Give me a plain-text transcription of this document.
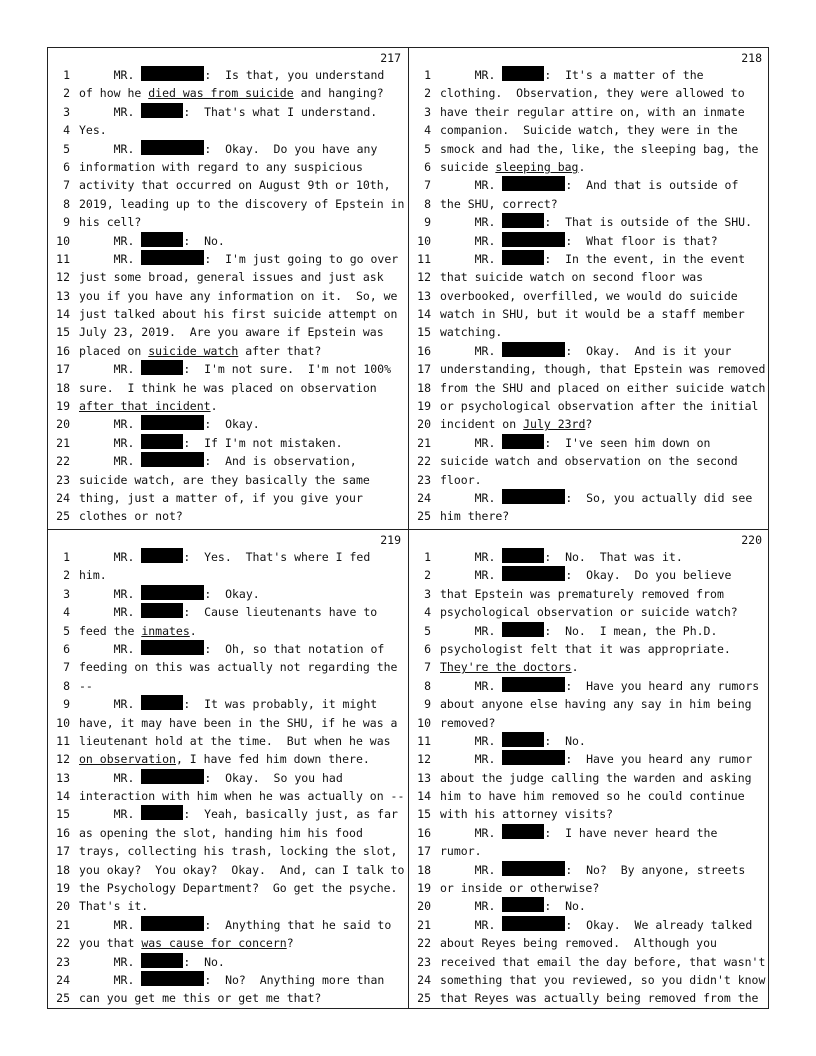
217
1 MR.	:  Is that, you understand
2 of how he died was from suicide and hanging?
3 MR.	:  That's what I understand.
4 Yes.
5 MR.	:  Okay.  Do you have any
6 information with regard to any suspicious
7 activity that occurred on August 9th or 10th,
8 2019, leading up to the discovery of Epstein in
9 his cell?
10 MR.	:  No.
11 MR.	:  I'm just going to go over
12 just some broad, general issues and just ask
13 you if you have any information on it.  So, we
14 just talked about his first suicide attempt on
15 July 23, 2019.  Are you aware if Epstein was
16 placed on suicide watch after that?
17 MR.	:  I'm not sure.  I'm not 100%
18 sure.  I think he was placed on observation
19 after that incident.
20 MR.	:  Okay.
21 MR.	:  If I'm not mistaken.
22 MR.	:  And is observation,
23 suicide watch, are they basically the same
24 thing, just a matter of, if you give your
25 clothes or not?
218
1 MR.	:  It's a matter of the
2 clothing.  Observation, they were allowed to
3 have their regular attire on, with an inmate
4 companion.  Suicide watch, they were in the
5 smock and had the, like, the sleeping bag, the
6 suicide sleeping bag.
7 MR.	:  And that is outside of
8 the SHU, correct?
9 MR.	:  That is outside of the SHU.
10 MR.	:  What floor is that?
11 MR.	:  In the event, in the event
12 that suicide watch on second floor was
13 overbooked, overfilled, we would do suicide
14 watch in SHU, but it would be a staff member
15 watching.
16 MR.	:  Okay.  And is it your
17 understanding, though, that Epstein was removed
18 from the SHU and placed on either suicide watch
19 or psychological observation after the initial
20 incident on July 23rd?
21 MR.	:  I've seen him down on
22 suicide watch and observation on the second
23 floor.
24 MR.	:  So, you actually did see
25 him there?
219
1 MR.	:  Yes.  That's where I fed
2 him.
3 MR.	:  Okay.
4 MR.	:  Cause lieutenants have to
5 feed the inmates.
6 MR.	:  Oh, so that notation of
7 feeding on this was actually not regarding the
8 --
9 MR.	:  It was probably, it might
10 have, it may have been in the SHU, if he was a
11 lieutenant hold at the time.  But when he was
12 on observation, I have fed him down there.
13 MR.	:  Okay.  So you had
14 interaction with him when he was actually on --
15 MR.	:  Yeah, basically just, as far
16 as opening the slot, handing him his food
17 trays, collecting his trash, locking the slot,
18 you okay?  You okay?  Okay.  And, can I talk to
19 the Psychology Department?  Go get the psyche.
20 That's it.
21 MR.	:  Anything that he said to
22 you that was cause for concern?
23 MR.	:  No.
24 MR.	:  No?  Anything more than
25 can you get me this or get me that?
220
1 MR.	:  No.  That was it.
2 MR.	:  Okay.  Do you believe
3 that Epstein was prematurely removed from
4 psychological observation or suicide watch?
5 MR.	:  No.  I mean, the Ph.D.
6 psychologist felt that it was appropriate.
7 They're the doctors.
8 MR.	:  Have you heard any rumors
9 about anyone else having any say in him being
10 removed?
11 MR.	:  No.
12 MR.	:  Have you heard any rumor
13 about the judge calling the warden and asking
14 him to have him removed so he could continue
15 with his attorney visits?
16 MR.	:  I have never heard the
17 rumor.
18 MR.	:  No?  By anyone, streets
19 or inside or otherwise?
20 MR.	:  No.
21 MR.	:  Okay.  We already talked
22 about Reyes being removed.  Although you
23 received that email the day before, that wasn't
24 something that you reviewed, so you didn't know
25 that Reyes was actually being removed from the
